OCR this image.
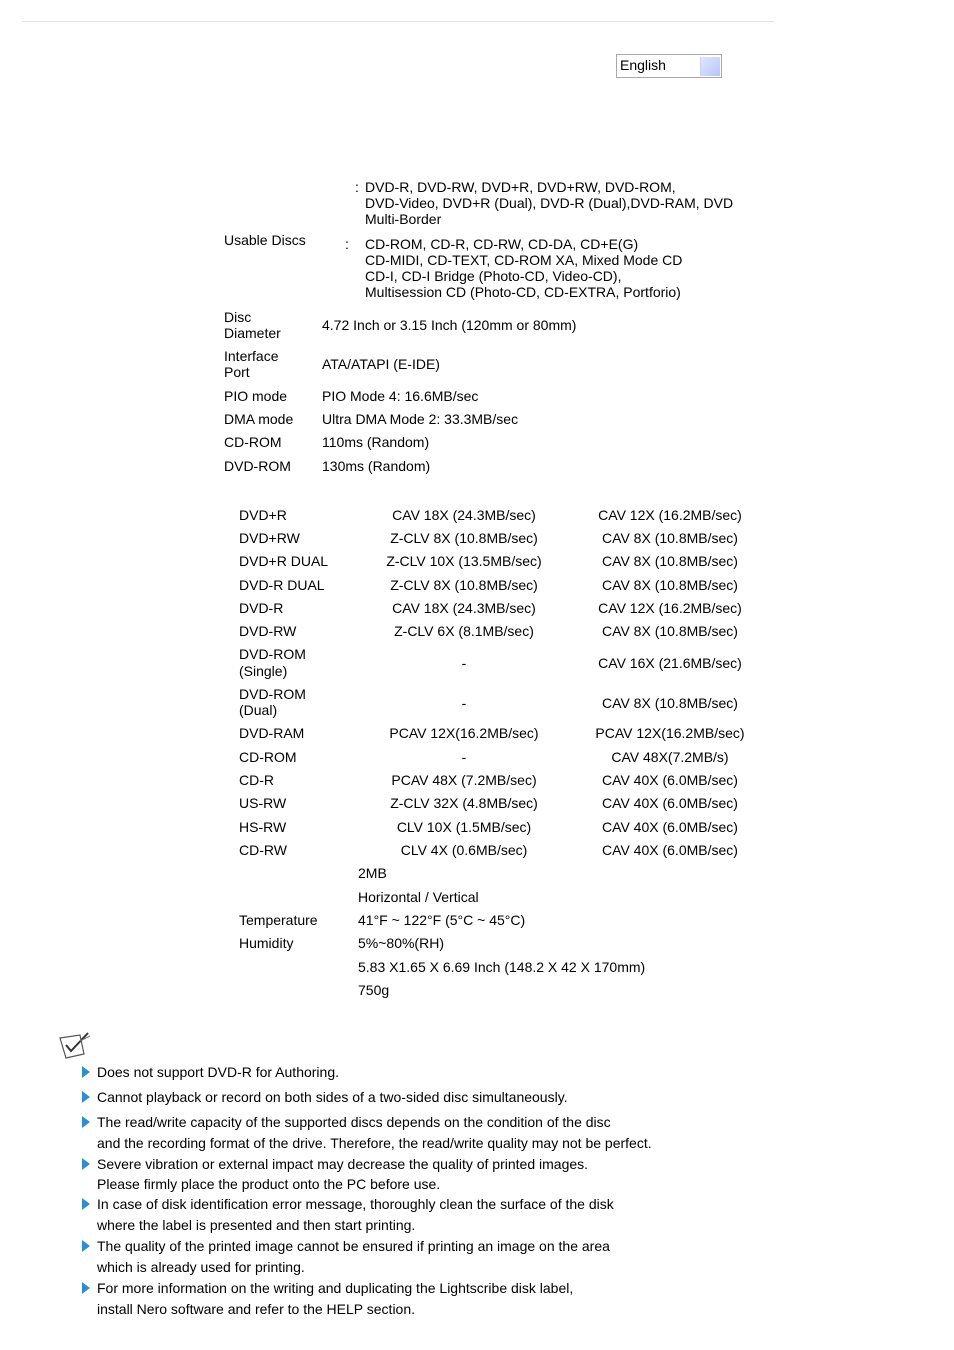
English
: DVD-R, DVD-RW, DVD+R, DVD+RW, DVD-ROM,
DVD-Video, DVD+R (Dual), DVD-R (Dual),DVD-RAM, DVD
Multi-Border
Usable Discs	: CD-ROM, CD-R, CD-RW, CD-DA, CD+E(G)
CD-MIDI, CD-TEXT, CD-ROM XA, Mixed Mode CD
CD-I, CD-I Bridge (Photo-CD, Video-CD),
Multisession CD (Photo-CD, CD-EXTRA, Portforio)
Disc
Diameter	4.72 Inch or 3.15 Inch (120mm or 80mm)
Interface
Port	ATA/ATAPI (E-IDE)
PIO mode PIO Mode 4: 16.6MB/sec
DMA mode Ultra DMA Mode 2: 33.3MB/sec
CD-ROM	110ms (Random)
DVD-ROM 130ms (Random)
DVD+R	CAV 18X (24.3MB/sec)	CAV 12X (16.2MB/sec)
DVD+RW	Z-CLV 8X (10.8MB/sec)	CAV 8X (10.8MB/sec)
DVD+R DUAL	Z-CLV 10X (13.5MB/sec)	CAV 8X (10.8MB/sec)
DVD-R DUAL	Z-CLV 8X (10.8MB/sec)	CAV 8X (10.8MB/sec)
DVD-R	CAV 18X (24.3MB/sec)	CAV 12X (16.2MB/sec)
DVD-RW	Z-CLV 6X (8.1MB/sec)	CAV 8X (10.8MB/sec)
DVD-ROM
(Single)	-	CAV 16X (21.6MB/sec)
DVD-ROM
(Dual)	-	CAV 8X (10.8MB/sec)
DVD-RAM	PCAV 12X(16.2MB/sec)	PCAV 12X(16.2MB/sec)
CD-ROM	-	CAV 48X(7.2MB/s)
CD-R	PCAV 48X (7.2MB/sec)	CAV 40X (6.0MB/sec)
US-RW	Z-CLV 32X (4.8MB/sec)	CAV 40X (6.0MB/sec)
HS-RW	CLV 10X (1.5MB/sec)	CAV 40X (6.0MB/sec)
CD-RW	CLV 4X (0.6MB/sec)	CAV 40X (6.0MB/sec)
2MB
Horizontal / Vertical
Temperature	41°F ~ 122°F (5°C ~ 45°C)
Humidity	5%~80%(RH)
5.83 X1.65 X 6.69 Inch (148.2 X 42 X 170mm)
750g
Does not support DVD-R for Authoring.
Cannot playback or record on both sides of a two-sided disc simultaneously.
The read/write capacity of the supported discs depends on the condition of the disc
and the recording format of the drive. Therefore, the read/write quality may not be perfect.
Severe vibration or external impact may decrease the quality of printed images.
Please firmly place the product onto the PC before use.
In case of disk identification error message, thoroughly clean the surface of the disk
where the label is presented and then start printing.
The quality of the printed image cannot be ensured if printing an image on the area
which is already used for printing.
For more information on the writing and duplicating the Lightscribe disk label,
install Nero software and refer to the HELP section.
